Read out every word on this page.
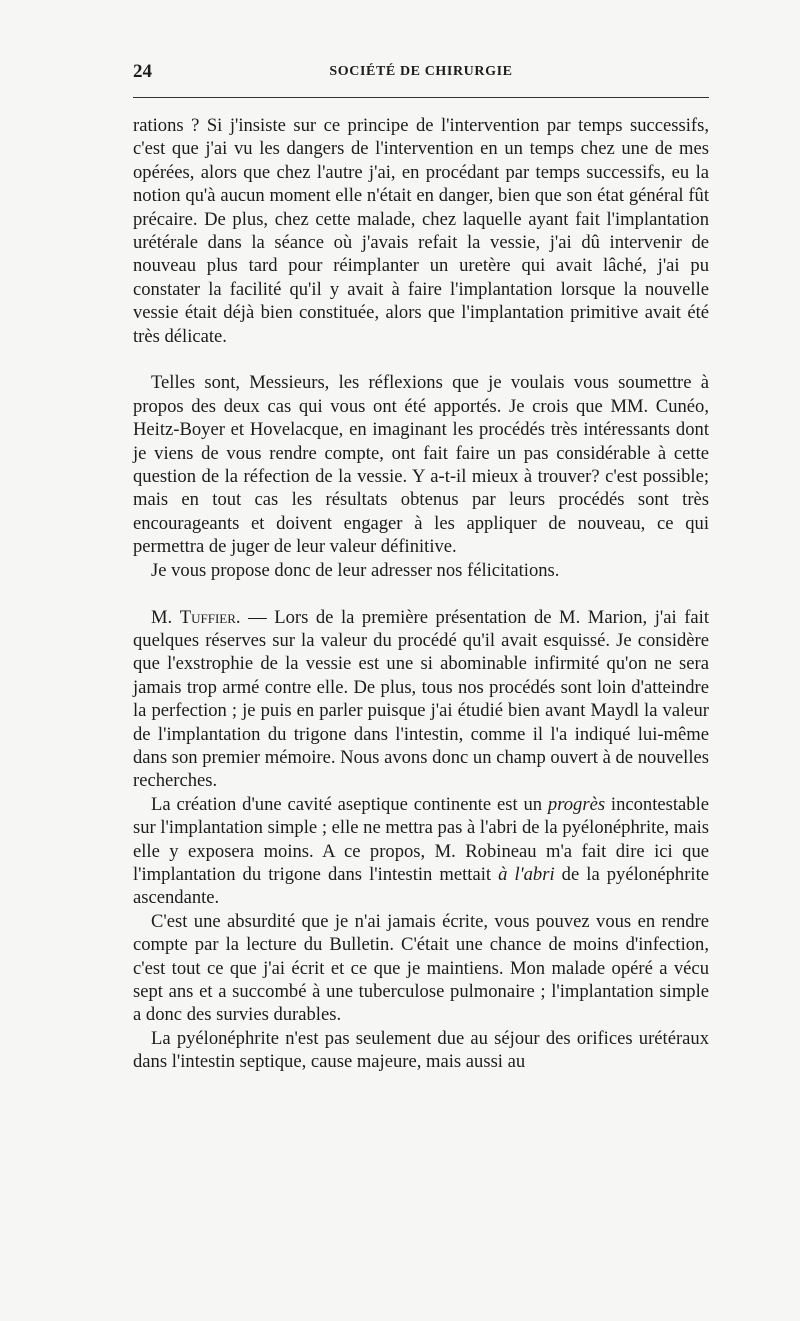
24	SOCIÉTÉ DE CHIRURGIE

rations ? Si j'insiste sur ce principe de l'intervention par temps successifs, c'est que j'ai vu les dangers de l'intervention en un temps chez une de mes opérées, alors que chez l'autre j'ai, en procédant par temps successifs, eu la notion qu'à aucun moment elle n'était en danger, bien que son état général fût précaire. De plus, chez cette malade, chez laquelle ayant fait l'implantation urétérale dans la séance où j'avais refait la vessie, j'ai dû intervenir de nouveau plus tard pour réimplanter un uretère qui avait lâché, j'ai pu constater la facilité qu'il y avait à faire l'implantation lorsque la nouvelle vessie était déjà bien constituée, alors que l'implantation primitive avait été très délicate.

Telles sont, Messieurs, les réflexions que je voulais vous soumettre à propos des deux cas qui vous ont été apportés. Je crois que MM. Cunéo, Heitz-Boyer et Hovelacque, en imaginant les procédés très intéressants dont je viens de vous rendre compte, ont fait faire un pas considérable à cette question de la réfection de la vessie. Y a-t-il mieux à trouver? c'est possible; mais en tout cas les résultats obtenus par leurs procédés sont très encourageants et doivent engager à les appliquer de nouveau, ce qui permettra de juger de leur valeur définitive.

Je vous propose donc de leur adresser nos félicitations.

M. Tuffier. — Lors de la première présentation de M. Marion, j'ai fait quelques réserves sur la valeur du procédé qu'il avait esquissé. Je considère que l'exstrophie de la vessie est une si abominable infirmité qu'on ne sera jamais trop armé contre elle. De plus, tous nos procédés sont loin d'atteindre la perfection ; je puis en parler puisque j'ai étudié bien avant Maydl la valeur de l'implantation du trigone dans l'intestin, comme il l'a indiqué lui-même dans son premier mémoire. Nous avons donc un champ ouvert à de nouvelles recherches.

La création d'une cavité aseptique continente est un progrès incontestable sur l'implantation simple ; elle ne mettra pas à l'abri de la pyélonéphrite, mais elle y exposera moins. A ce propos, M. Robineau m'a fait dire ici que l'implantation du trigone dans l'intestin mettait à l'abri de la pyélonéphrite ascendante.

C'est une absurdité que je n'ai jamais écrite, vous pouvez vous en rendre compte par la lecture du Bulletin. C'était une chance de moins d'infection, c'est tout ce que j'ai écrit et ce que je maintiens. Mon malade opéré a vécu sept ans et a succombé à une tuberculose pulmonaire ; l'implantation simple a donc des survies durables.

La pyélonéphrite n'est pas seulement due au séjour des orifices urétéraux dans l'intestin septique, cause majeure, mais aussi au
